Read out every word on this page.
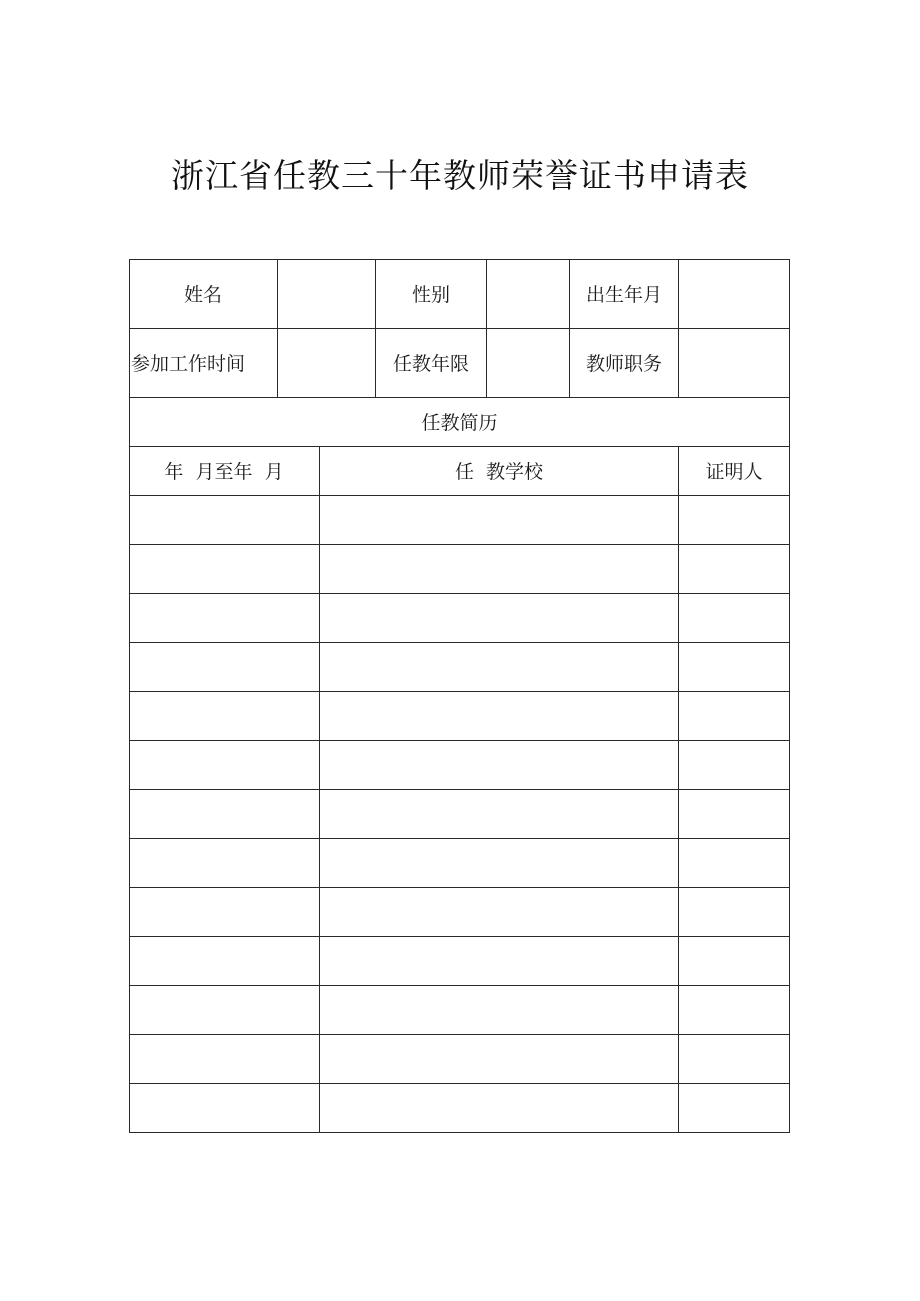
浙江省任教三十年教师荣誉证书申请表
姓名	性别	出生年月
参加工作时间	任教年限	教师职务
任教简历
年  月至年  月	任  教学校	证明人
